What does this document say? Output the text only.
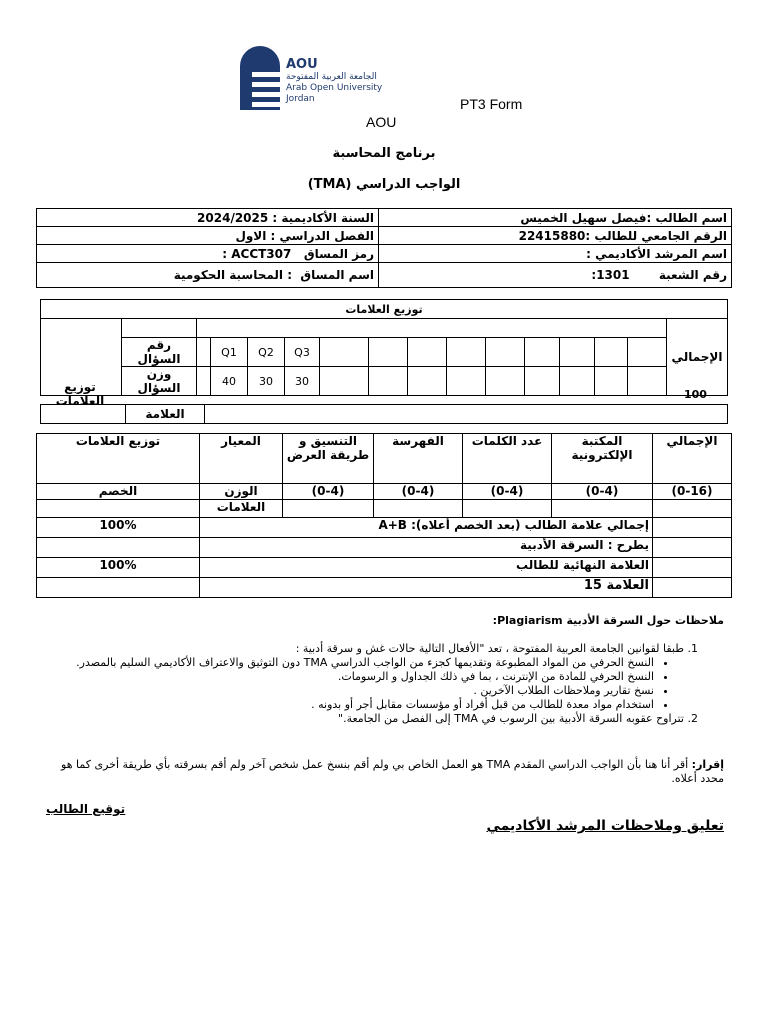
AOU
الجامعة العربية المفتوحة
Arab Open University
Jordan	PT3 Form
AOU
برنامج المحاسبة
الواجب الدراسي (TMA)
اسم الطالب :فيصل سهيل الخميس	السنة الأكاديمية : 2024/2025
الرقم الجامعي للطالب :22415880	الفصل الدراسي : الاول
اسم المرشد الأكاديمي :	رمز المساق   ACCT307 :
رقم الشعبة       1301:	اسم المساق  : المحاسبة الحكومية
توزيع العلامات															
الإجمالي															
										Q3	Q2	Q1		رقم السؤال	
										30	30	40		وزن السؤال		100
	العلامة	
توزيع العلامات
الإجمالي	المكتبة الإلكترونية	عدد الكلمات	الفهرسة	التنسيق و طريقة العرض	المعيار	توزيع العلامات
(0-16)	(0-4)	(0-4)	(0-4)	(0-4)	الوزن	الخصم
					العلامات	
	إجمالي علامة الطالب (بعد الخصم أعلاه): A+B					100%
	يطرح : السرقة الأدبية					
	العلامة النهائية للطالب					100%
	العلامة 15					
ملاحظات حول السرقة الأدبية Plagiarism:
1. طبقا لقوانين الجامعة العربية المفتوحة ، تعد "الأفعال التالية حالات غش و سرقة أدبية :
• النسخ الحرفي من المواد المطبوعة وتقديمها كجزء من الواجب الدراسي TMA دون التوثيق والاعتراف الأكاديمي السليم بالمصدر.
• النسخ الحرفي للمادة من الإنترنت ، بما في ذلك الجداول و الرسومات.
• نسخ تقارير وملاحظات الطلاب الآخرين .
• استخدام مواد معدة للطالب من قبل أفراد أو مؤسسات مقابل أجر أو بدونه .
2. تتراوح عقوبه السرقة الأدبية بين الرسوب في TMA إلى الفصل من الجامعة."
إقرار: أقر أنا هنا بأن الواجب الدراسي المقدم TMA هو العمل الخاص بي ولم أقم بنسخ عمل شخص آخر ولم أقم بسرقته بأي طريقة أخرى كما هو محدد أعلاه.
توقيع الطالب
تعليق وملاحظات المرشد الأكاديمي
